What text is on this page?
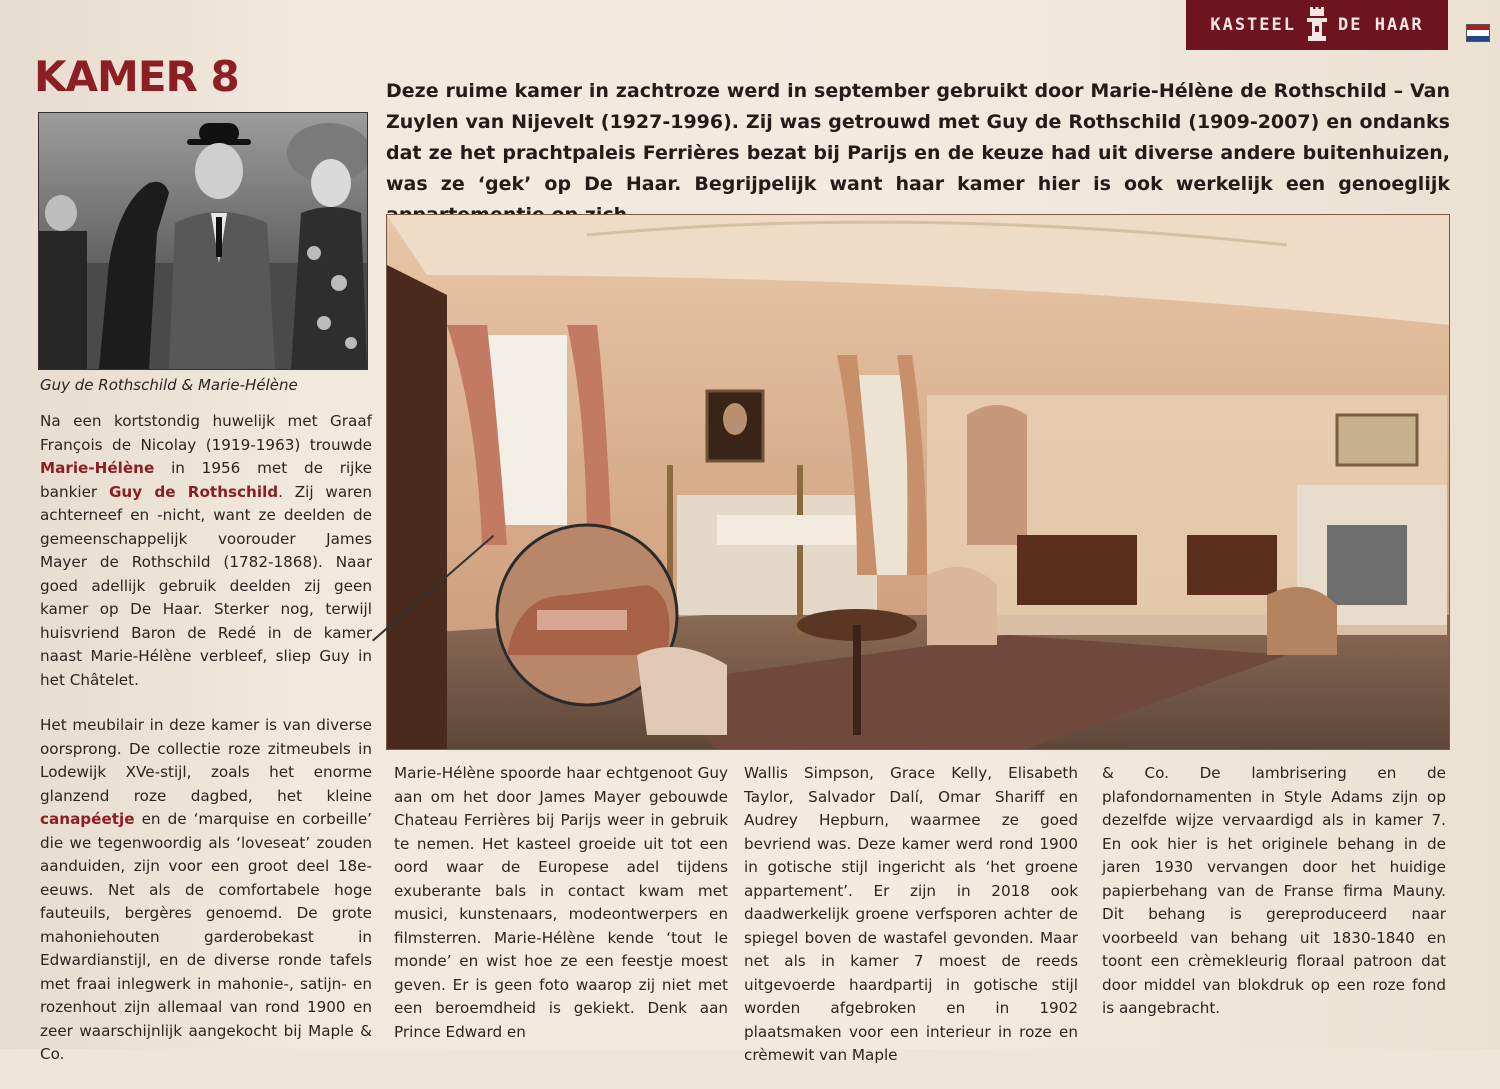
KASTEEL DE HAAR
KAMER 8	Deze ruime kamer in zachtroze werd in september gebruikt door Marie-Hélène de Rothschild – Van Zuylen van Nijevelt (1927-1996). Zij was getrouwd met Guy de Rothschild (1909-2007) en ondanks dat ze het prachtpaleis Ferrières bezat bij Parijs en de keuze had uit diverse andere buitenhuizen, was ze ‘gek’ op De Haar. Begrijpelijk want haar kamer hier is ook werkelijk een genoeglijk
Guy de Rothschild & Marie-Hélène

Na een kortstondig huwelijk met Graaf François de Nicolay (1919-1963) trouwde Marie-Hélène in 1956 met de rijke bankier Guy de Rothschild. Zij waren achterneef en -nicht, want ze deelden de gemeenschappelijk voorouder James Mayer de Rothschild (1782-1868). Naar goed adellijk gebruik deelden zij geen kamer op De Haar. Sterker nog, terwijl huisvriend Baron de Redé in de kamer naast Marie-Hélène verbleef, sliep Guy in het Châtelet.

Het meubilair in deze kamer is van diverse oorsprong. De collectie roze zitmeubels in Lodewijk XVe-stijl, zoals het enorme glanzend roze dagbed, het kleine canapéetje en de ‘marquise en corbeille’ die we tegenwoordig als ‘loveseat’ zouden aanduiden, zijn voor een groot deel 18e-eeuws. Net als de comfortabele hoge fauteuils, bergères genoemd. De grote mahoniehouten garderobekast in Edwardianstijl, en de diverse ronde tafels met fraai inlegwerk in mahonie-, satijn- en rozenhout zijn allemaal van rond 1900 en zeer waarschijnlijk aangekocht bij Maple & Co.

Marie-Hélène spoorde haar echtgenoot Guy aan om het door James Mayer gebouwde Chateau Ferrières bij Parijs weer in gebruik te nemen. Het kasteel groeide uit tot een oord waar de Europese adel tijdens exuberante bals in contact kwam met musici, kunstenaars, modeontwerpers en filmsterren. Marie-Hélène kende ‘tout le monde’ en wist hoe ze een feestje moest geven. Er is geen foto waarop zij niet met een beroemdheid is gekiekt. Denk aan Prince Edward en

Wallis Simpson, Grace Kelly, Elisabeth Taylor, Salvador Dalí, Omar Shariff en Audrey Hepburn, waarmee ze goed bevriend was. Deze kamer werd rond 1900 in gotische stijl ingericht als ‘het groene appartement’. Er zijn in 2018 ook daadwerkelijk groene verfsporen achter de spiegel boven de wastafel gevonden. Maar net als in kamer 7 moest de reeds uitgevoerde haardpartij in gotische stijl worden afgebroken en in 1902 plaatsmaken voor een interieur in roze en crèmewit van Maple

& Co. De lambrisering en de plafondornamenten in Style Adams zijn op dezelfde wijze vervaardigd als in kamer 7. En ook hier is het originele behang in de jaren 1930 vervangen door het huidige papierbehang van de Franse firma Mauny. Dit behang is gereproduceerd naar voorbeeld van behang uit 1830-1840 en toont een crèmekleurig floraal patroon dat door middel van blokdruk op een roze fond is aangebracht.
